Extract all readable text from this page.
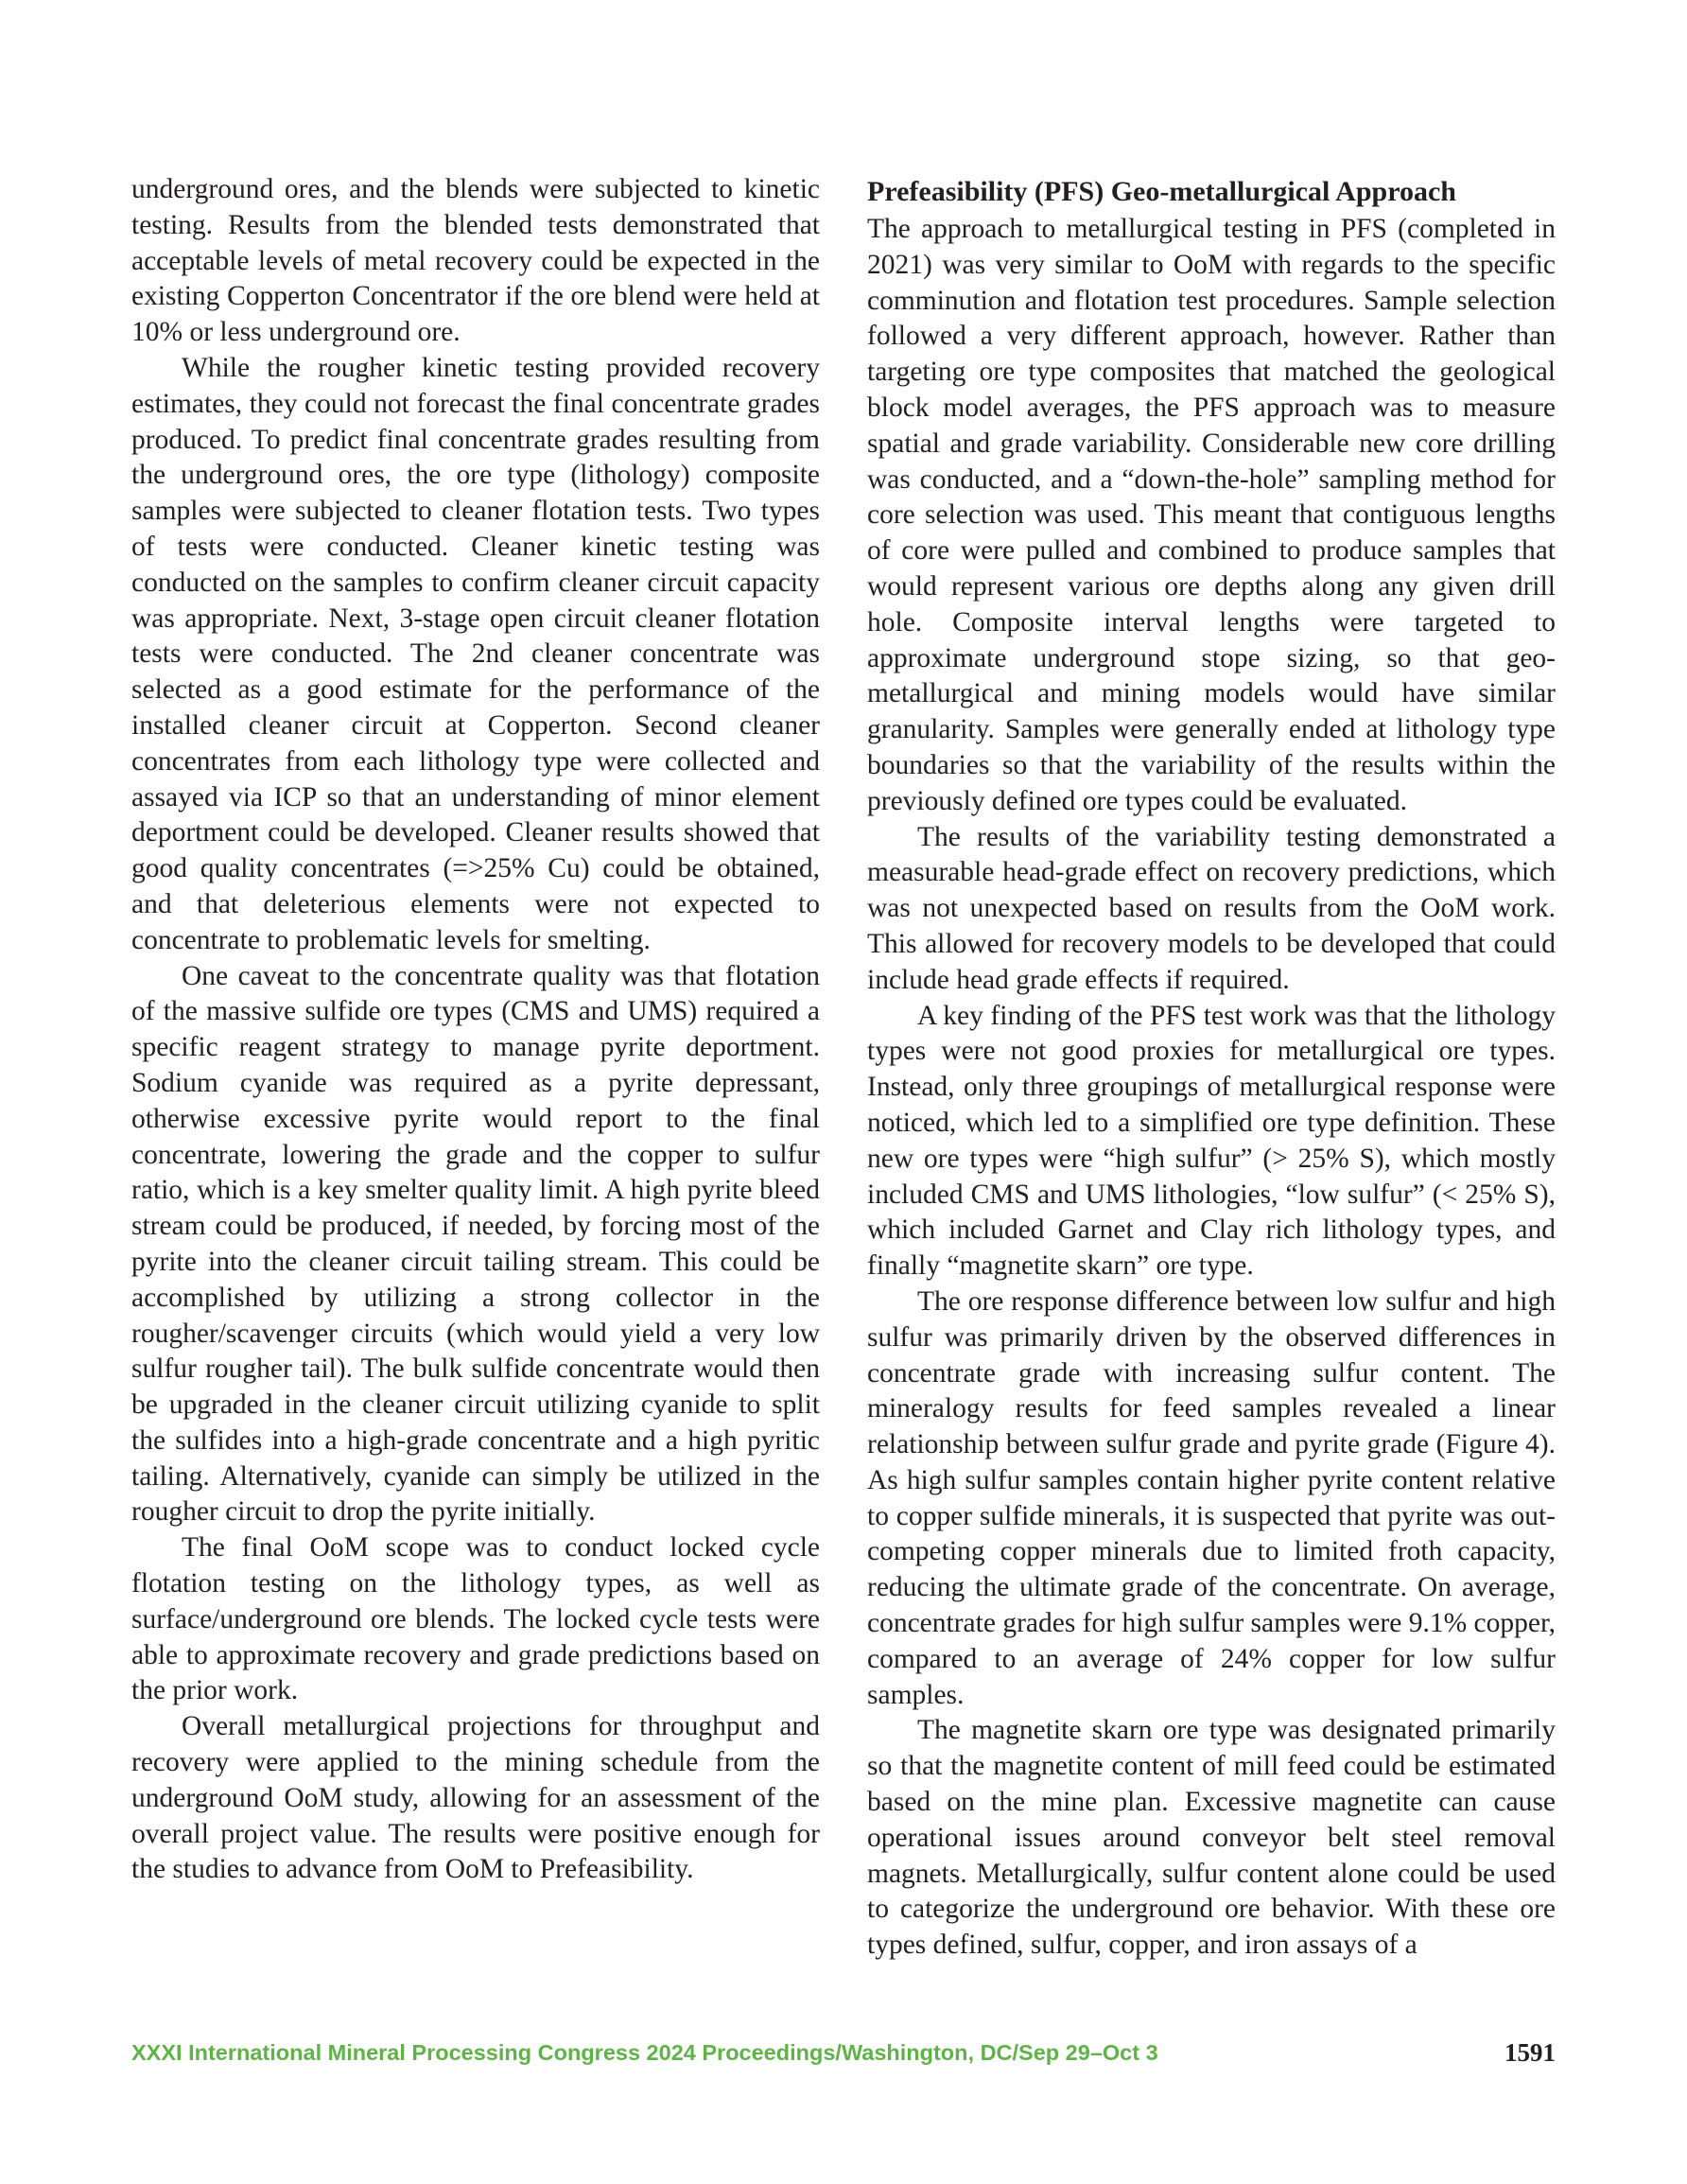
underground ores, and the blends were subjected to kinetic testing. Results from the blended tests demonstrated that acceptable levels of metal recovery could be expected in the existing Copperton Concentrator if the ore blend were held at 10% or less underground ore.

While the rougher kinetic testing provided recovery estimates, they could not forecast the final concentrate grades produced. To predict final concentrate grades resulting from the underground ores, the ore type (lithology) composite samples were subjected to cleaner flotation tests. Two types of tests were conducted. Cleaner kinetic testing was conducted on the samples to confirm cleaner circuit capacity was appropriate. Next, 3-stage open circuit cleaner flotation tests were conducted. The 2nd cleaner concentrate was selected as a good estimate for the performance of the installed cleaner circuit at Copperton. Second cleaner concentrates from each lithology type were collected and assayed via ICP so that an understanding of minor element deportment could be developed. Cleaner results showed that good quality concentrates (=>25% Cu) could be obtained, and that deleterious elements were not expected to concentrate to problematic levels for smelting.

One caveat to the concentrate quality was that flotation of the massive sulfide ore types (CMS and UMS) required a specific reagent strategy to manage pyrite deportment. Sodium cyanide was required as a pyrite depressant, otherwise excessive pyrite would report to the final concentrate, lowering the grade and the copper to sulfur ratio, which is a key smelter quality limit. A high pyrite bleed stream could be produced, if needed, by forcing most of the pyrite into the cleaner circuit tailing stream. This could be accomplished by utilizing a strong collector in the rougher/scavenger circuits (which would yield a very low sulfur rougher tail). The bulk sulfide concentrate would then be upgraded in the cleaner circuit utilizing cyanide to split the sulfides into a high-grade concentrate and a high pyritic tailing. Alternatively, cyanide can simply be utilized in the rougher circuit to drop the pyrite initially.

The final OoM scope was to conduct locked cycle flotation testing on the lithology types, as well as surface/underground ore blends. The locked cycle tests were able to approximate recovery and grade predictions based on the prior work.

Overall metallurgical projections for throughput and recovery were applied to the mining schedule from the underground OoM study, allowing for an assessment of the overall project value. The results were positive enough for the studies to advance from OoM to Prefeasibility.

Prefeasibility (PFS) Geo-metallurgical Approach

The approach to metallurgical testing in PFS (completed in 2021) was very similar to OoM with regards to the specific comminution and flotation test procedures. Sample selection followed a very different approach, however. Rather than targeting ore type composites that matched the geological block model averages, the PFS approach was to measure spatial and grade variability. Considerable new core drilling was conducted, and a “down-the-hole” sampling method for core selection was used. This meant that contiguous lengths of core were pulled and combined to produce samples that would represent various ore depths along any given drill hole. Composite interval lengths were targeted to approximate underground stope sizing, so that geo-metallurgical and mining models would have similar granularity. Samples were generally ended at lithology type boundaries so that the variability of the results within the previously defined ore types could be evaluated.

The results of the variability testing demonstrated a measurable head-grade effect on recovery predictions, which was not unexpected based on results from the OoM work. This allowed for recovery models to be developed that could include head grade effects if required.

A key finding of the PFS test work was that the lithology types were not good proxies for metallurgical ore types. Instead, only three groupings of metallurgical response were noticed, which led to a simplified ore type definition. These new ore types were “high sulfur” (> 25% S), which mostly included CMS and UMS lithologies, “low sulfur” (< 25% S), which included Garnet and Clay rich lithology types, and finally “magnetite skarn” ore type.

The ore response difference between low sulfur and high sulfur was primarily driven by the observed differences in concentrate grade with increasing sulfur content. The mineralogy results for feed samples revealed a linear relationship between sulfur grade and pyrite grade (Figure 4). As high sulfur samples contain higher pyrite content relative to copper sulfide minerals, it is suspected that pyrite was out-competing copper minerals due to limited froth capacity, reducing the ultimate grade of the concentrate. On average, concentrate grades for high sulfur samples were 9.1% copper, compared to an average of 24% copper for low sulfur samples.

The magnetite skarn ore type was designated primarily so that the magnetite content of mill feed could be estimated based on the mine plan. Excessive magnetite can cause operational issues around conveyor belt steel removal magnets. Metallurgically, sulfur content alone could be used to categorize the underground ore behavior. With these ore types defined, sulfur, copper, and iron assays of a

XXXI International Mineral Processing Congress 2024 Proceedings/Washington, DC/Sep 29–Oct 3	1591
